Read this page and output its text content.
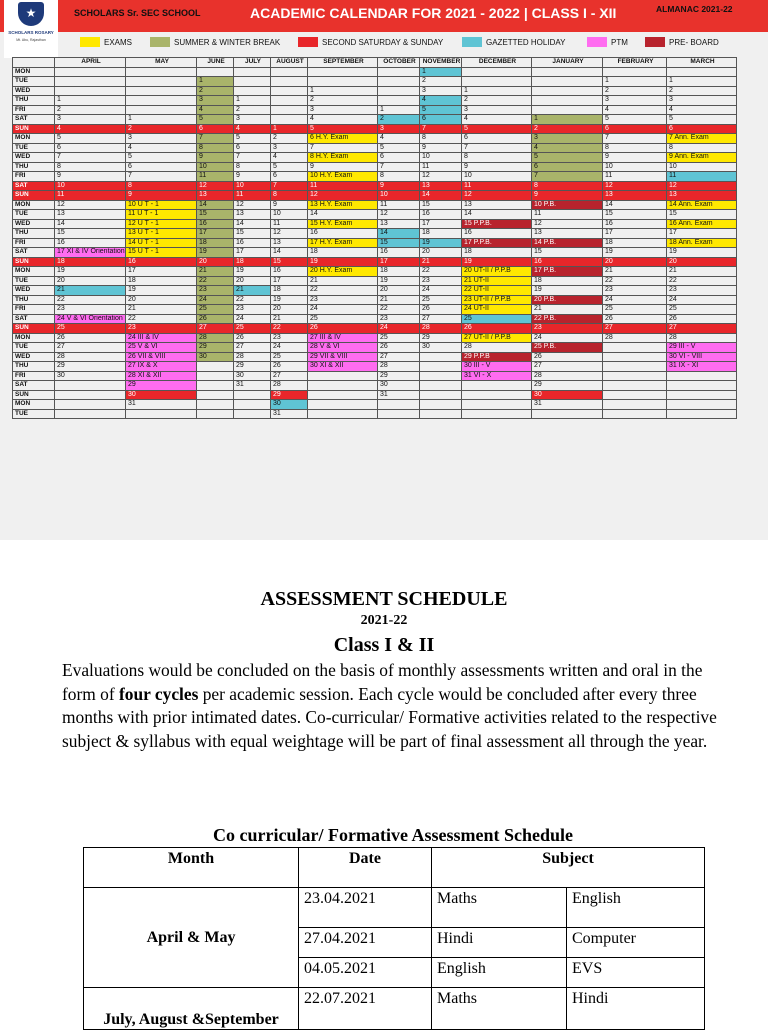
SCHOLARS Sr. SEC SCHOOL	ACADEMIC CALENDAR FOR 2021 - 2022 | CLASS I - XII	ALMANAC 2021-22
★
SCHOLARS ROSARY
Mt. Abu, Rajasthan	EXAMS	SUMMER & WINTER BREAK	SECOND SATURDAY & SUNDAY	GAZETTED HOLIDAY	PTM	PRE- BOARD
	APRIL	MAY	JUNE	JULY	AUGUST	SEPTEMBER	OCTOBER	NOVEMBER	DECEMBER	JANUARY	FEBRUARY	MARCH
MON								1				
TUE			1					2			1	1
WED			2			1		3	1		2	2
THU	1		3	1		2		4	2		3	3
FRI	2		4	2		3	1	5	3		4	4
SAT	3	1	5	3		4	2	6	4	1	5	5
SUN	4	2	6	4	1	5	3	7	5	2	6	6
MON	5	3	7	5	2	6 H.Y. Exam	4	8	6	3	7	7 Ann. Exam
TUE	6	4	8	6	3	7	5	9	7	4	8	8
WED	7	5	9	7	4	8 H.Y. Exam	6	10	8	5	9	9 Ann. Exam
THU	8	6	10	8	5	9	7	11	9	6	10	10
FRI	9	7	11	9	6	10 H.Y. Exam	8	12	10	7	11	11
SAT	10	8	12	10	7	11	9	13	11	8	12	12
SUN	11	9	13	11	8	12	10	14	12	9	13	13
MON	12	10 U T - 1	14	12	9	13 H.Y. Exam	11	15	13	10 P.B.	14	14 Ann. Exam
TUE	13	11 U T - 1	15	13	10	14	12	16	14	11	15	15
WED	14	12 U T - 1	16	14	11	15 H.Y. Exam	13	17	15 P.P.B.	12	16	16 Ann. Exam
THU	15	13 U T - 1	17	15	12	16	14	18	16	13	17	17
FRI	16	14 U T - 1	18	16	13	17 H.Y. Exam	15	19	17 P.P.B.	14 P.B.	18	18 Ann. Exam
SAT	17 XI & IV Orientation	15 U T - 1	19	17	14	18	16	20	18	15	19	19
SUN	18	16	20	18	15	19	17	21	19	16	20	20
MON	19	17	21	19	16	20 H.Y. Exam	18	22	20 UT-II / P.P.B	17 P.B.	21	21
TUE	20	18	22	20	17	21	19	23	21 UT-II	18	22	22
WED	21	19	23	21	18	22	20	24	22 UT-II	19	23	23
THU	22	20	24	22	19	23	21	25	23 UT-II / P.P.B	20 P.B.	24	24
FRI	23	21	25	23	20	24	22	26	24 UT-II	21	25	25
SAT	24 V & VI Orientation	22	26	24	21	25	23	27	25	22 P.B.	26	26
SUN	25	23	27	25	22	26	24	28	26	23	27	27
MON	26	24 III & IV	28	26	23	27 III & IV	25	29	27 UT-II / P.P.B	24	28	28
TUE	27	25 V & VI	29	27	24	28 V & VI	26	30	28	25 P.B.		29 III - V
WED	28	26 VII & VIII	30	28	25	29 VII & VIII	27		29 P.P.B	26		30 VI - VIII
THU	29	27 IX & X		29	26	30 XI & XII	28		30 III - V	27		31 IX - XI
FRI	30	28 XI & XII		30	27		29		31 VI - X	28		
SAT		29		31	28		30			29		
SUN		30			29		31			30		
MON		31			30					31		
TUE					31							
ASSESSMENT SCHEDULE
2021-22
Class I & II
Evaluations would be concluded on the basis of monthly assessments written and oral in the form of four cycles per academic session. Each cycle would be concluded after every three months with prior intimated dates. Co-curricular/ Formative activities related to the respective subject & syllabus with equal weightage will be part of final assessment all through the year.
Co curricular/ Formative Assessment Schedule
Month	Date	Subject	
April & May	23.04.2021	Maths	English
	27.04.2021	Hindi	Computer
	04.05.2021	English	EVS
July, August &September	22.07.2021	Maths	Hindi
